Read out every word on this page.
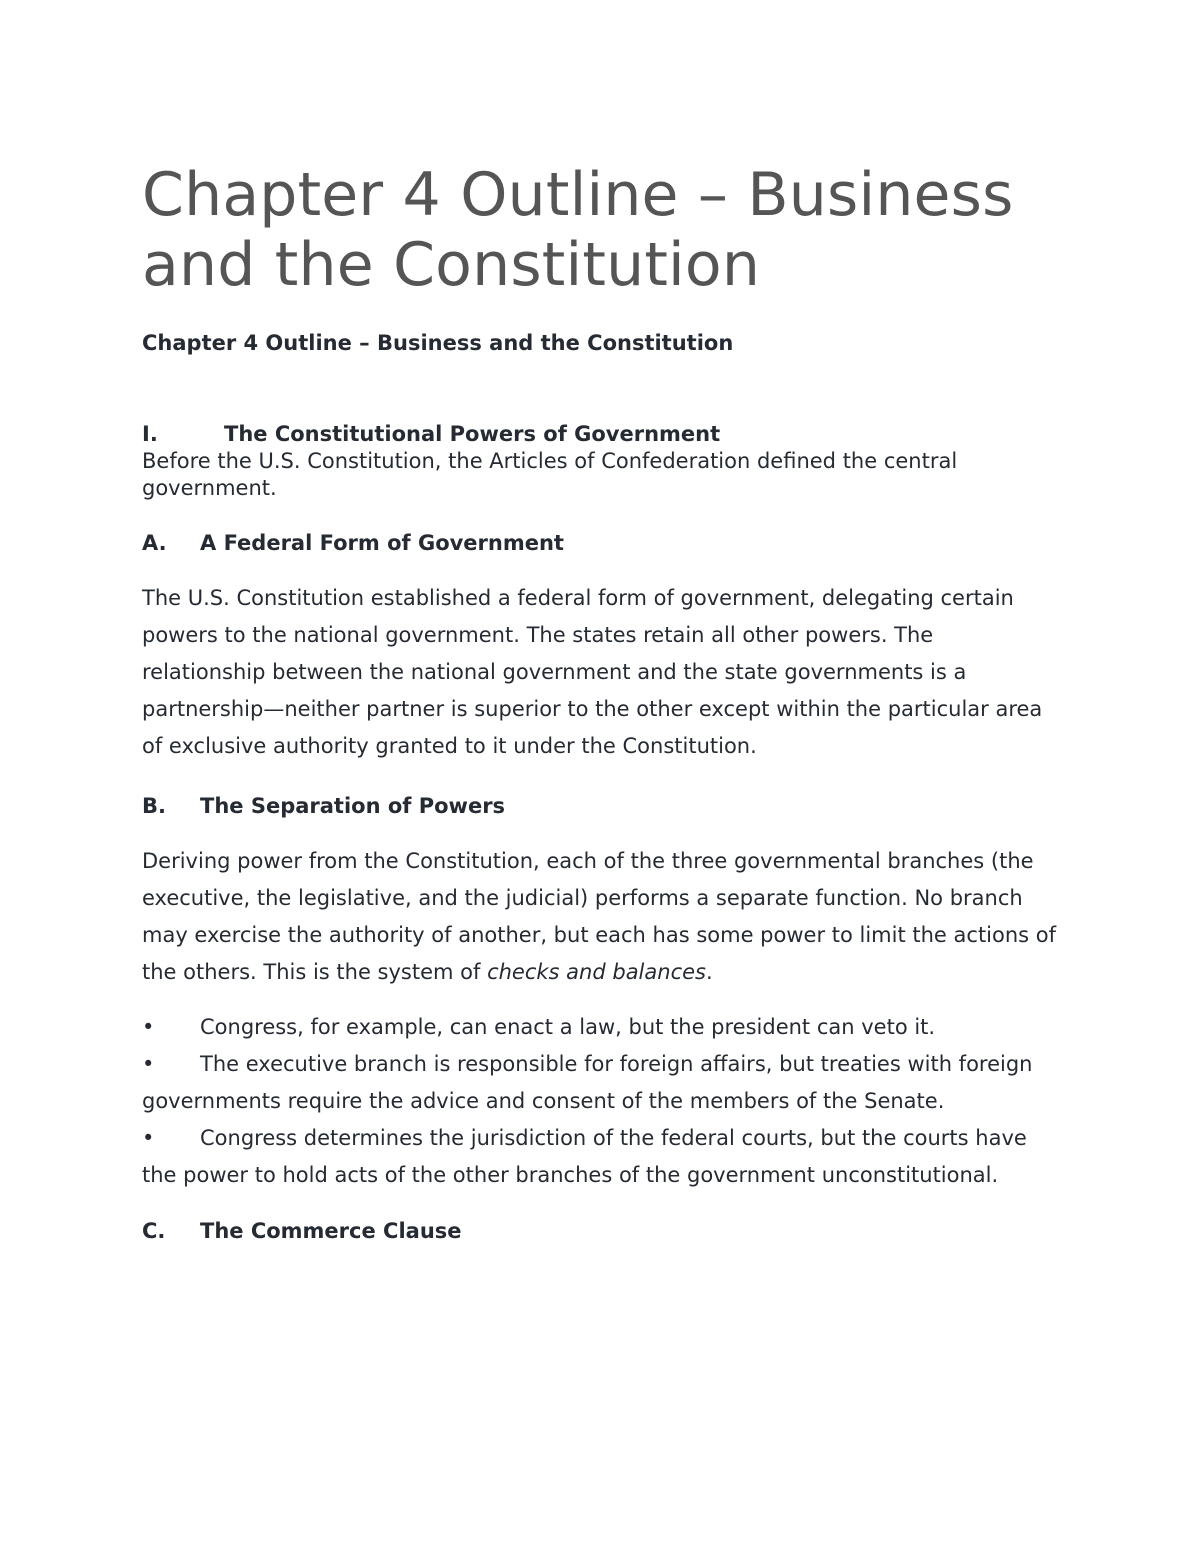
Chapter 4 Outline – Business and the Constitution
Chapter 4 Outline – Business and the Constitution
I.	The Constitutional Powers of Government

Before the U.S. Constitution, the Articles of Confederation defined the central government.

A.	A Federal Form of Government

The U.S. Constitution established a federal form of government, delegating certain powers to the national government. The states retain all other powers. The relationship between the national government and the state governments is a partnership—neither partner is superior to the other except within the particular area of exclusive authority granted to it under the Constitution.

B.	The Separation of Powers

Deriving power from the Constitution, each of the three governmental branches (the executive, the legislative, and the judicial) performs a separate function. No branch may exercise the authority of another, but each has some power to limit the actions of the others. This is the system of checks and balances.

• Congress, for example, can enact a law, but the president can veto it.

• The executive branch is responsible for foreign affairs, but treaties with foreign governments require the advice and consent of the members of the Senate.

• Congress determines the jurisdiction of the federal courts, but the courts have the power to hold acts of the other branches of the government unconstitutional.

C.	The Commerce Clause
